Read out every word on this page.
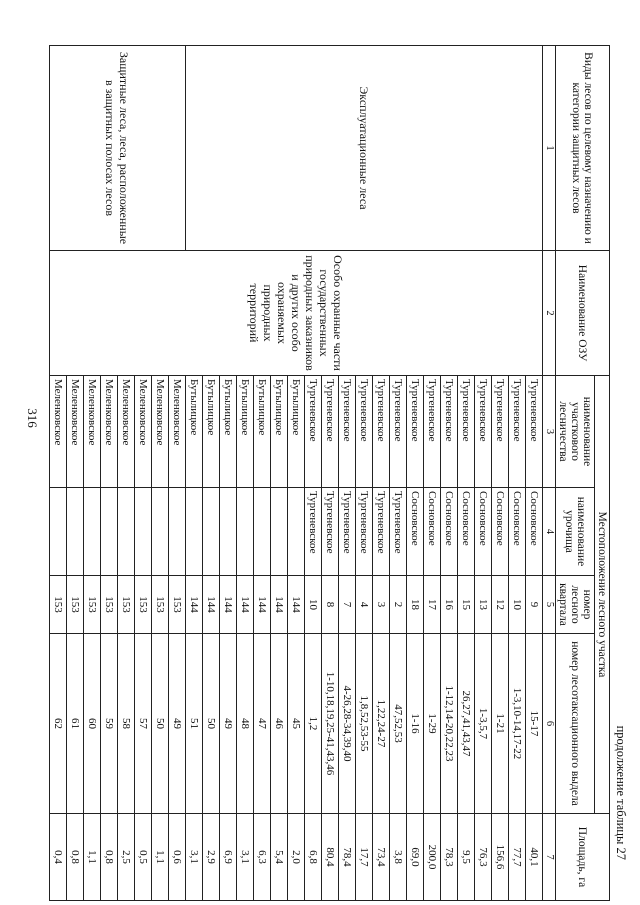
316
продолжение таблицы 27
Виды лесов по целевому назначению и категории защитных лесов	Наименование ОЗУ	Местоположение лесного участка				Площадь, га
		наименование участкового лесничества	наименование урочища	номер лесного квартала	номер лесотаксационного выдела	
1	2	3	4	5	6	7
Эксплуатационные леса	Особо охранные части государственных природных заказников и других особо охраняемых природных территорий	Тургеневское	Сосновское	9	15-17	40,1
		Тургеневское	Сосновское	10	1-3,10-14,17-22	77,7
		Тургеневское	Сосновское	12	1-21	156,6
		Тургеневское	Сосновское	13	1-3,5,7	76,3
		Тургеневское	Сосновское	15	26,27,41,43,47	9,5
		Тургеневское	Сосновское	16	1-12,14-20,22,23	78,3
		Тургеневское	Сосновское	17	1-29	200,0
		Тургеневское	Сосновское	18	1-16	69,0
		Тургеневское	Тургеневское	2	47,52,53	3,8
		Тургеневское	Тургеневское	3	1,22,24-27	73,4
		Тургеневское	Тургеневское	4	1,8,52,53-55	17,7
		Тургеневское	Тургеневское	7	4-26,28-34,39,40	78,4
		Тургеневское	Тургеневское	8	1-10,18,19,25-41,43,46	80,4
		Тургеневское	Тургеневское	10	1,2	6,8
		Бутылицкое		144	45	2,0
		Бутылицкое		144	46	5,4
		Бутылицкое		144	47	6,3
		Бутылицкое		144	48	3,1
		Бутылицкое		144	49	6,9
		Бутылицкое		144	50	2,9
		Бутылицкое		144	51	3,1
Защитные леса, леса, расположенные в защитных полосах лесов		Меленковское		153	49	0,6
		Меленковское		153	50	1,1
		Меленковское		153	57	0,5
		Меленковское		153	58	2,5
		Меленковское		153	59	0,8
		Меленковское		153	60	1,1
		Меленковское		153	61	0,8
		Меленковское		153	62	0,4
